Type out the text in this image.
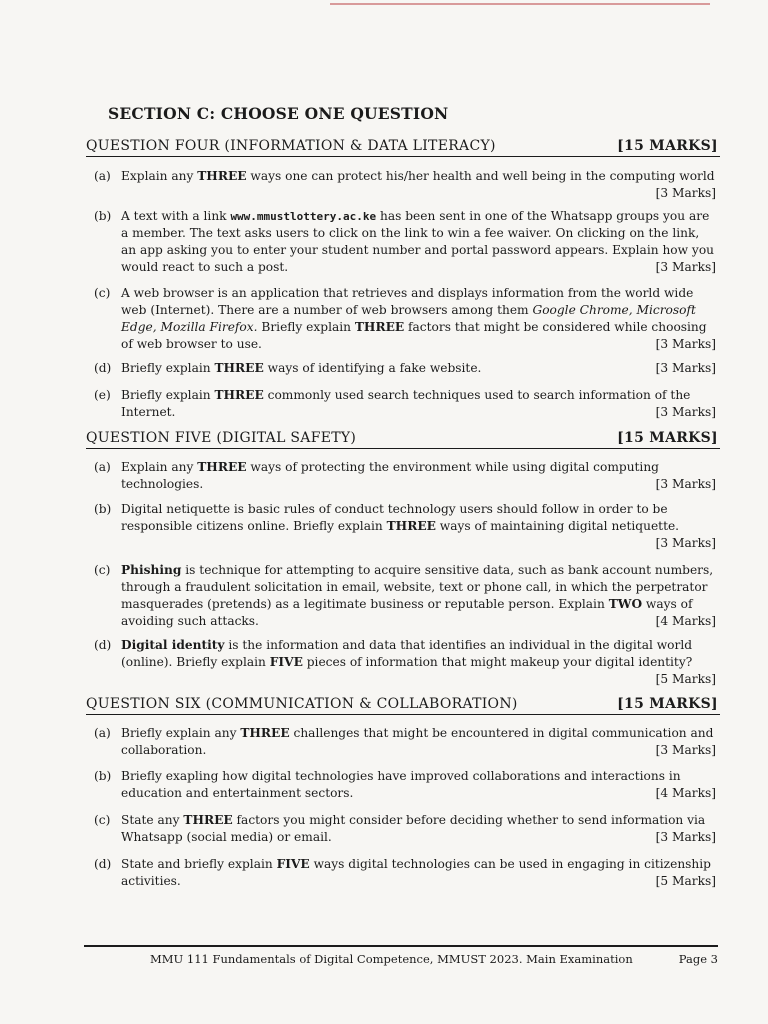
SECTION C: CHOOSE ONE QUESTION
QUESTION FOUR (INFORMATION & DATA LITERACY)	[15 MARKS]
(a) Explain any THREE ways one can protect his/her health and well being in the computing world
[3 Marks]
(b) A text with a link www.mmustlottery.ac.ke has been sent in one of the Whatsapp groups you are a member. The text asks users to click on the link to win a fee waiver. On clicking on the link, an app asking you to enter your student number and portal password appears. Explain how you would react to such a post.	[3 Marks]
(c) A web browser is an application that retrieves and displays information from the world wide web (Internet). There are a number of web browsers among them Google Chrome, Microsoft Edge, Mozilla Firefox. Briefly explain THREE factors that might be considered while choosing of web browser to use.	[3 Marks]
(d) Briefly explain THREE ways of identifying a fake website.	[3 Marks]
(e) Briefly explain THREE commonly used search techniques used to search information of the Internet.	[3 Marks]
QUESTION FIVE (DIGITAL SAFETY)	[15 MARKS]
(a) Explain any THREE ways of protecting the environment while using digital computing technologies.	[3 Marks]
(b) Digital netiquette is basic rules of conduct technology users should follow in order to be responsible citizens online. Briefly explain THREE ways of maintaining digital netiquette.
[3 Marks]
(c) Phishing is technique for attempting to acquire sensitive data, such as bank account numbers, through a fraudulent solicitation in email, website, text or phone call, in which the perpetrator masquerades (pretends) as a legitimate business or reputable person. Explain TWO ways of avoiding such attacks.	[4 Marks]
(d) Digital identity is the information and data that identifies an individual in the digital world (online). Briefly explain FIVE pieces of information that might makeup your digital identity?
[5 Marks]
QUESTION SIX (COMMUNICATION & COLLABORATION)	[15 MARKS]
(a) Briefly explain any THREE challenges that might be encountered in digital communication and collaboration.	[3 Marks]
(b) Briefly exapling how digital technologies have improved collaborations and interactions in education and entertainment sectors.	[4 Marks]
(c) State any THREE factors you might consider before deciding whether to send information via Whatsapp (social media) or email.	[3 Marks]
(d) State and briefly explain FIVE ways digital technologies can be used in engaging in citizenship activities.	[5 Marks]
MMU 111 Fundamentals of Digital Competence, MMUST 2023. Main Examination	Page 3
